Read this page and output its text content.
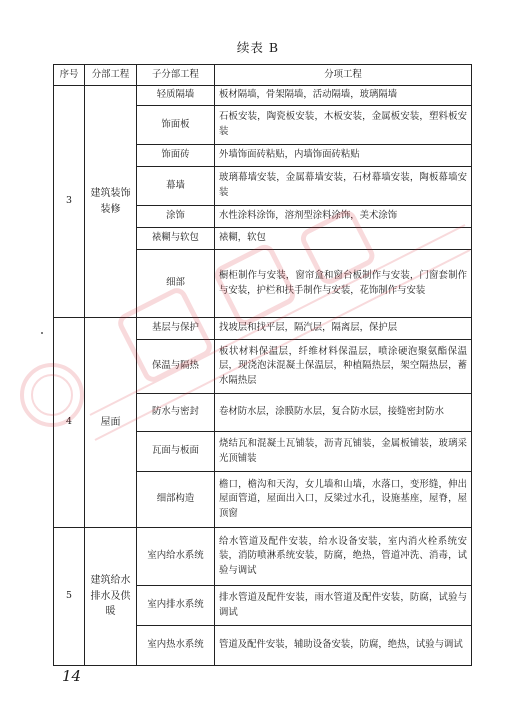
续表 B
序号	分部工程	子分部工程	分项工程
3	建筑装饰装修	轻质隔墙	板材隔墙，骨架隔墙，活动隔墙，玻璃隔墙
		饰面板	石板安装，陶瓷板安装，木板安装，金属板安装，塑料板安装
		饰面砖	外墙饰面砖粘贴，内墙饰面砖粘贴
		幕墙	玻璃幕墙安装，金属幕墙安装，石材幕墙安装，陶板幕墙安装
		涂饰	水性涂料涂饰，溶剂型涂料涂饰，美术涂饰
		裱糊与软包	裱糊，软包
		细部	橱柜制作与安装，窗帘盒和窗台板制作与安装，门窗套制作与安装，护栏和扶手制作与安装，花饰制作与安装
4	屋面	基层与保护	找坡层和找平层，隔汽层，隔离层，保护层
		保温与隔热	板状材料保温层，纤维材料保温层，喷涂硬泡聚氨酯保温层，现浇泡沫混凝土保温层，种植隔热层，架空隔热层，蓄水隔热层
		防水与密封	卷材防水层，涂膜防水层，复合防水层，接缝密封防水
		瓦面与板面	烧结瓦和混凝土瓦铺装，沥青瓦铺装，金属板铺装，玻璃采光顶铺装
		细部构造	檐口，檐沟和天沟，女儿墙和山墙，水落口，变形缝，伸出屋面管道，屋面出入口，反梁过水孔，设施基座，屋脊，屋顶窗
5	建筑给水排水及供暖	室内给水系统	给水管道及配件安装，给水设备安装，室内消火栓系统安装，消防喷淋系统安装，防腐，绝热，管道冲洗、消毒，试验与调试
		室内排水系统	排水管道及配件安装，雨水管道及配件安装，防腐，试验与调试
		室内热水系统	管道及配件安装，辅助设备安装，防腐，绝热，试验与调试
14
